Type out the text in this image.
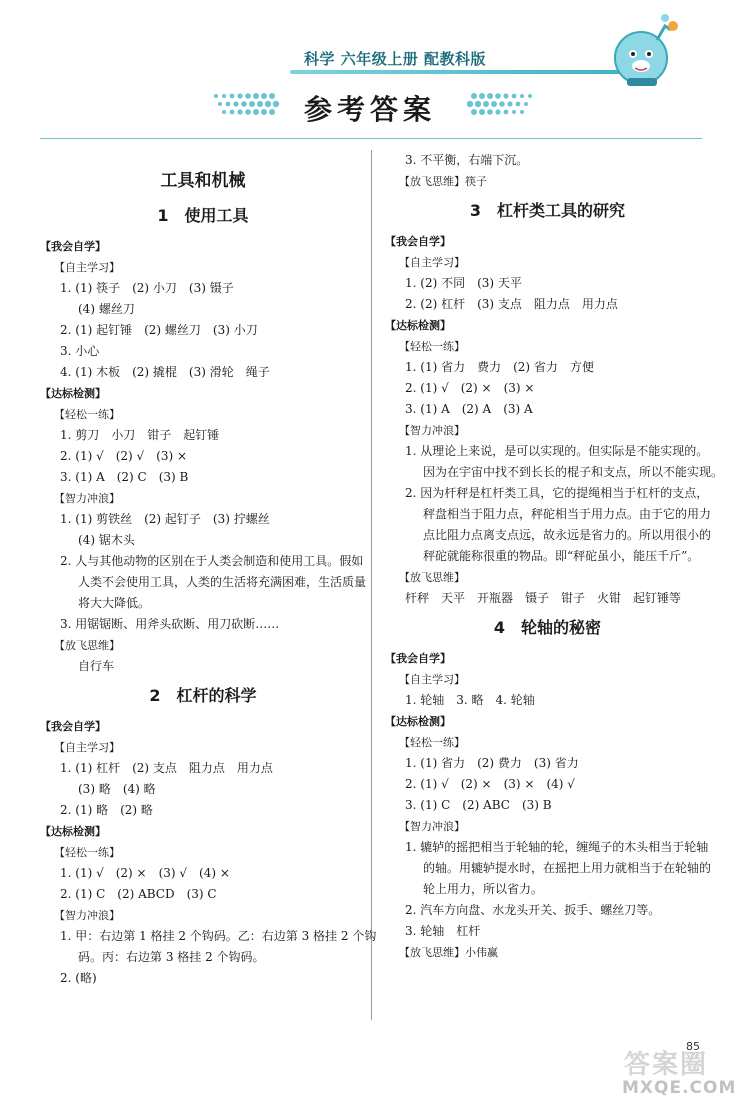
科学 六年级上册 配教科版
参考答案
工具和机械
1　使用工具
【我会自学】
【自主学习】
1. (1) 筷子　(2) 小刀　(3) 镊子
(4) 螺丝刀
2. (1) 起钉锤　(2) 螺丝刀　(3) 小刀
3. 小心
4. (1) 木板　(2) 撬棍　(3) 滑轮　绳子
【达标检测】
【轻松一练】
1. 剪刀　小刀　钳子　起钉锤
2. (1) √　(2) √　(3) ×
3. (1) A　(2) C　(3) B
【智力冲浪】
1. (1) 剪铁丝　(2) 起钉子　(3) 拧螺丝
(4) 锯木头
2. 人与其他动物的区别在于人类会制造和使用工具。假如
人类不会使用工具，人类的生活将充满困难，生活质量
将大大降低。
3. 用锯锯断、用斧头砍断、用刀砍断……
【放飞思维】
自行车
2　杠杆的科学
【我会自学】
【自主学习】
1. (1) 杠杆　(2) 支点　阻力点　用力点
(3) 略　(4) 略
2. (1) 略　(2) 略
【达标检测】
【轻松一练】
1. (1) √　(2) ×　(3) √　(4) ×
2. (1) C　(2) ABCD　(3) C
【智力冲浪】
1. 甲：右边第 1 格挂 2 个钩码。乙：右边第 3 格挂 2 个钩
码。丙：右边第 3 格挂 2 个钩码。
2. (略)
3. 不平衡，右端下沉。
【放飞思维】筷子
3　杠杆类工具的研究
【我会自学】
【自主学习】
1. (2) 不同　(3) 天平
2. (2) 杠杆　(3) 支点　阻力点　用力点
【达标检测】
【轻松一练】
1. (1) 省力　费力　(2) 省力　方便
2. (1) √　(2) ×　(3) ×
3. (1) A　(2) A　(3) A
【智力冲浪】
1. 从理论上来说，是可以实现的。但实际是不能实现的。
因为在宇宙中找不到长长的棍子和支点，所以不能实现。
2. 因为杆秤是杠杆类工具，它的提绳相当于杠杆的支点，
秤盘相当于阻力点，秤砣相当于用力点。由于它的用力
点比阻力点离支点远，故永远是省力的。所以用很小的
秤砣就能称很重的物品。即“秤砣虽小，能压千斤”。
【放飞思维】
杆秤　天平　开瓶器　镊子　钳子　火钳　起钉锤等
4　轮轴的秘密
【我会自学】
【自主学习】
1. 轮轴　3. 略　4. 轮轴
【达标检测】
【轻松一练】
1. (1) 省力　(2) 费力　(3) 省力
2. (1) √　(2) ×　(3) ×　(4) √
3. (1) C　(2) ABC　(3) B
【智力冲浪】
1. 辘轳的摇把相当于轮轴的轮，缠绳子的木头相当于轮轴
的轴。用辘轳提水时，在摇把上用力就相当于在轮轴的
轮上用力，所以省力。
2. 汽车方向盘、水龙头开关、扳手、螺丝刀等。
3. 轮轴　杠杆
【放飞思维】小伟赢
85
答案圈
MXQE.COM
